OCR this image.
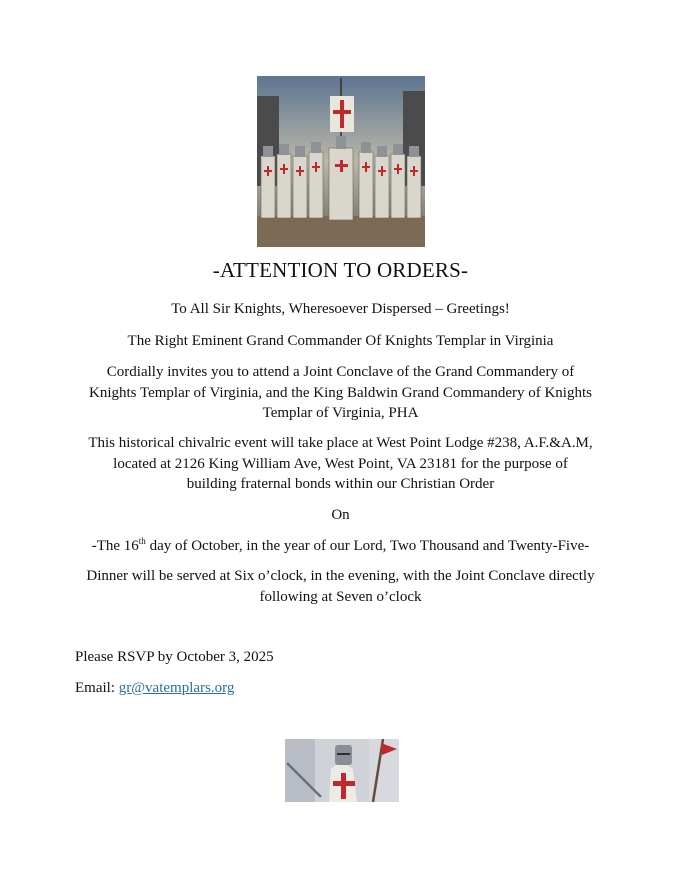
-ATTENTION TO ORDERS-
To All Sir Knights, Wheresoever Dispersed – Greetings!
The Right Eminent Grand Commander Of Knights Templar in Virginia
Cordially invites you to attend a Joint Conclave of the Grand Commandery of
Knights Templar of Virginia, and the King Baldwin Grand Commandery of Knights
Templar of Virginia, PHA
This historical chivalric event will take place at West Point Lodge #238, A.F.&A.M,
located at 2126 King William Ave, West Point, VA 23181 for the purpose of
building fraternal bonds within our Christian Order
On
-The 16th day of October, in the year of our Lord, Two Thousand and Twenty-Five-
Dinner will be served at Six o’clock, in the evening, with the Joint Conclave directly
following at Seven o’clock
Please RSVP by October 3, 2025
Email: gr@vatemplars.org
